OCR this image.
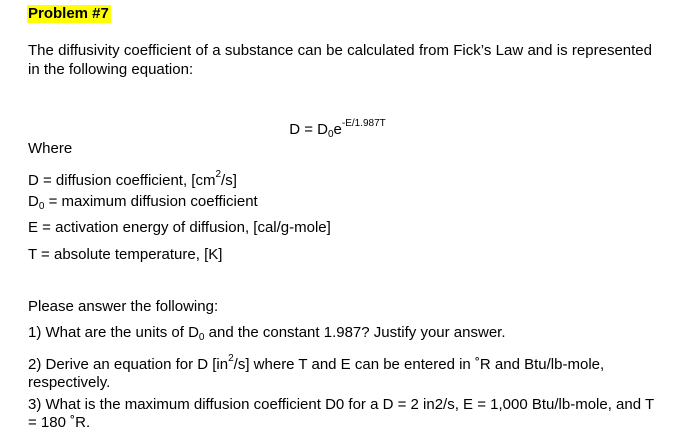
Problem #7
The diffusivity coefficient of a substance can be calculated from Fick’s Law and is represented in the following equation:
$D = D_0e^{-E/1.987T}$
Where
D = diffusion coefficient, $[cm^2/s]$
$D_0$ = maximum diffusion coefficient
E = activation energy of diffusion, [cal/g-mole]
T = absolute temperature, [K]
Please answer the following:
1) What are the units of $D_0$ and the constant 1.987? Justify your answer.
2) Derive an equation for D $[in^2/s]$ where T and E can be entered in ˚R and Btu/lb-mole, respectively.
3) What is the maximum diffusion coefficient D0 for a D = 2 in2/s, E = 1,000 Btu/lb-mole, and T = 180 ˚R.
